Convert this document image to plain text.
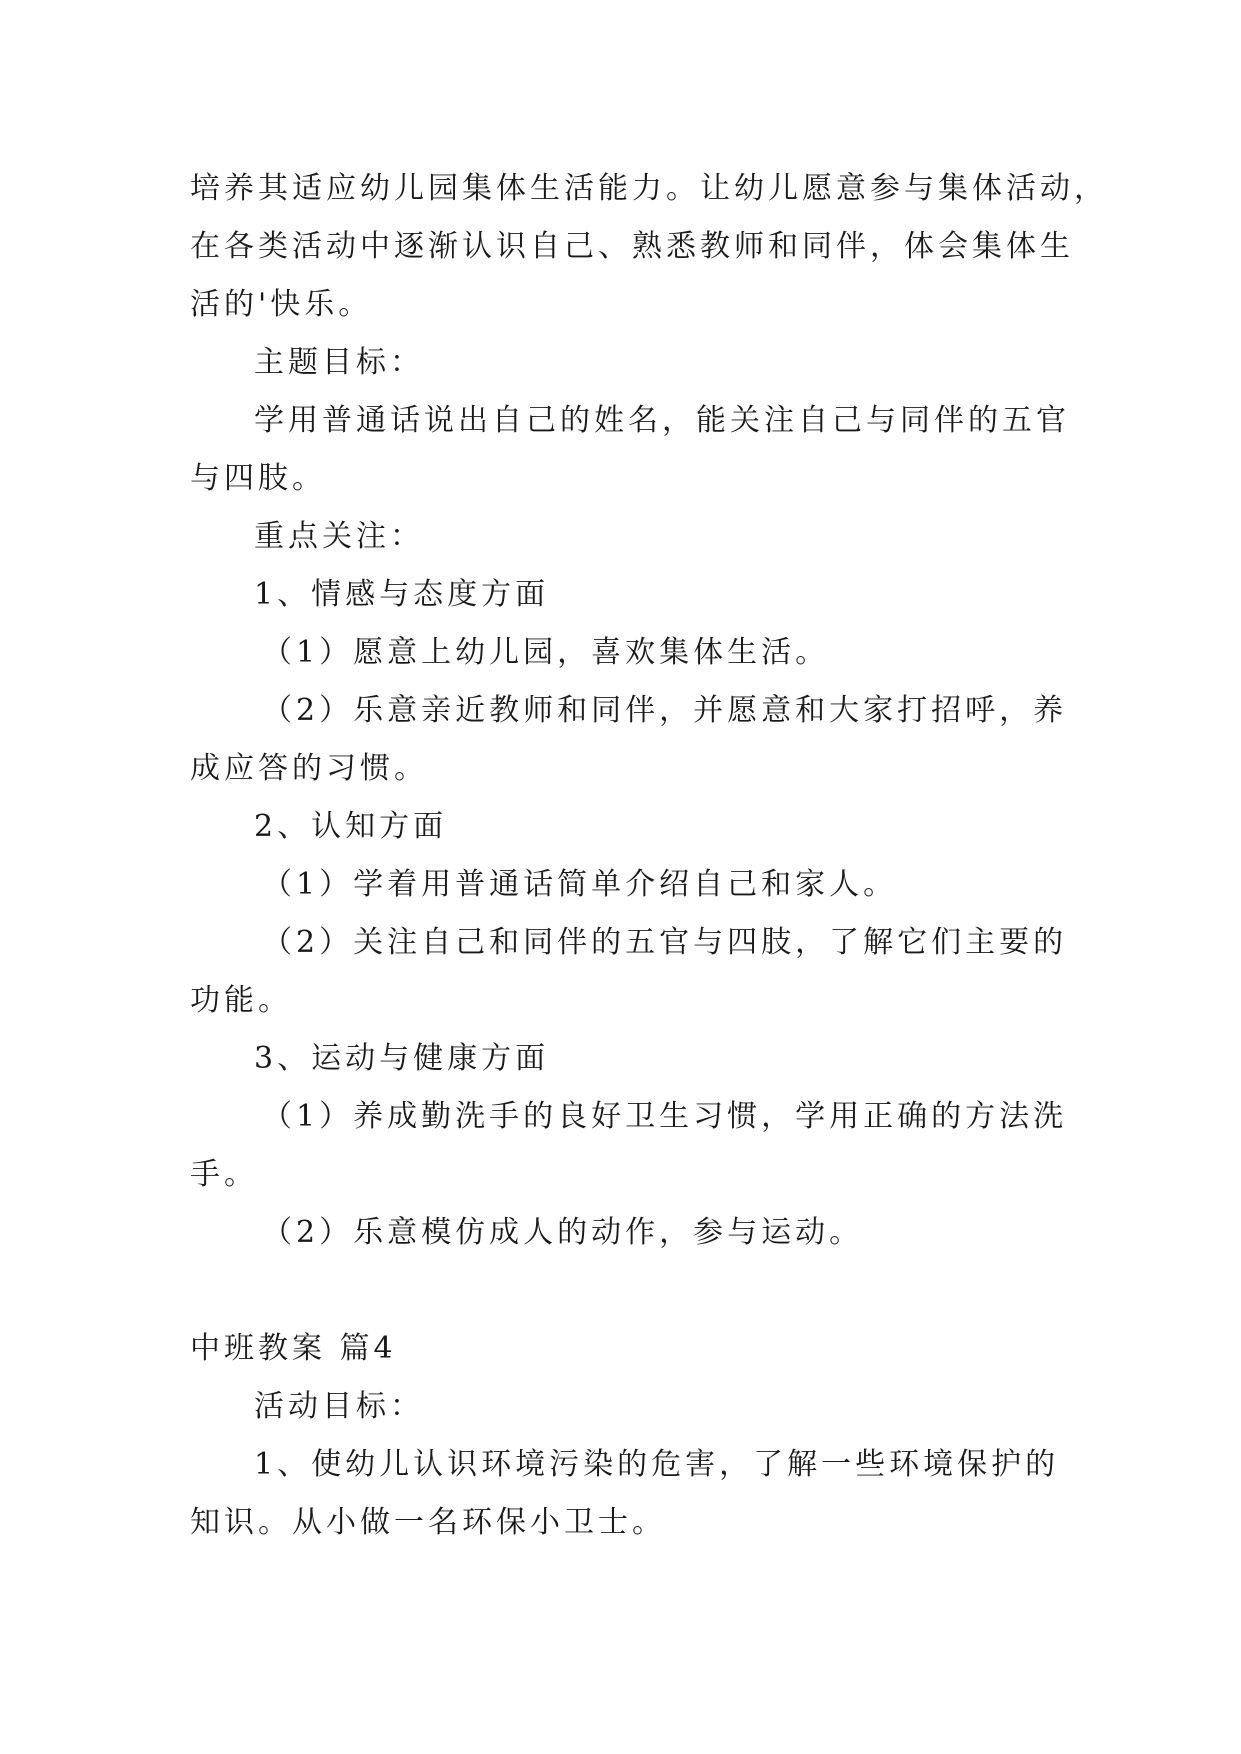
培养其适应幼儿园集体生活能力。让幼儿愿意参与集体活动，
在各类活动中逐渐认识自己、熟悉教师和同伴，体会集体生
活的'快乐。
主题目标：
学用普通话说出自己的姓名，能关注自己与同伴的五官
与四肢。
重点关注：
1、情感与态度方面
（1）愿意上幼儿园，喜欢集体生活。
（2）乐意亲近教师和同伴，并愿意和大家打招呼，养
成应答的习惯。
2、认知方面
（1）学着用普通话简单介绍自己和家人。
（2）关注自己和同伴的五官与四肢，了解它们主要的
功能。
3、运动与健康方面
（1）养成勤洗手的良好卫生习惯，学用正确的方法洗
手。
（2）乐意模仿成人的动作，参与运动。
中班教案 篇4
活动目标：
1、使幼儿认识环境污染的危害，了解一些环境保护的
知识。从小做一名环保小卫士。
